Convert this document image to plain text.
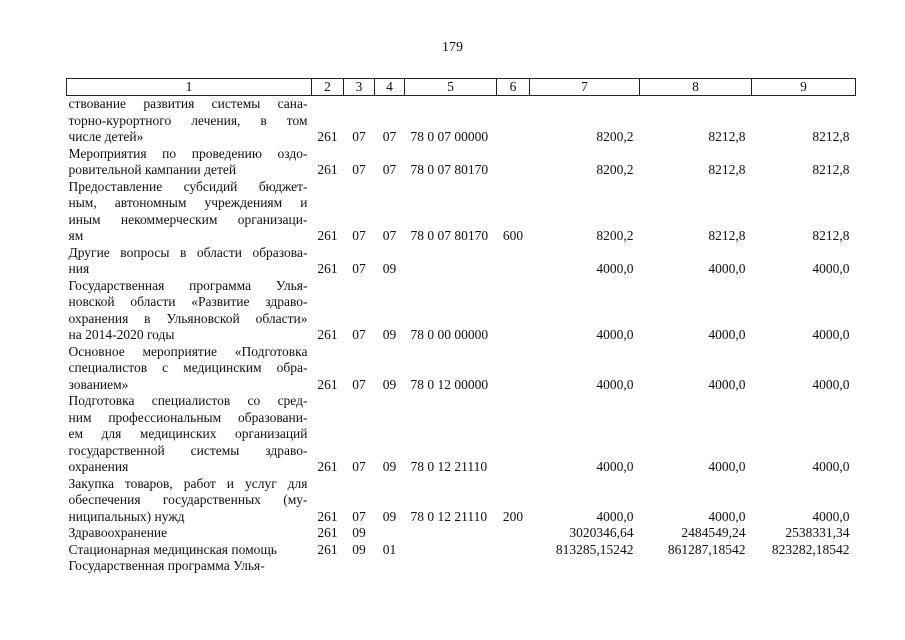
179
1	2	3	4	5	6	7	8	9

ствование развития системы сана-
торно-курортного лечения, в том
числе детей»	261	07	07	78 0 07 00000		8200,2	8212,8	8212,8

Мероприятия по проведению оздо-
ровительной кампании детей	261	07	07	78 0 07 80170		8200,2	8212,8	8212,8

Предоставление субсидий бюджет-
ным, автономным учреждениям и
иным некоммерческим организаци-
ям	261	07	07	78 0 07 80170	600	8200,2	8212,8	8212,8

Другие вопросы в области образова-
ния	261	07	09			4000,0	4000,0	4000,0

Государственная программа Улья-
новской области «Развитие здраво-
охранения в Ульяновской области»
на 2014-2020 годы	261	07	09	78 0 00 00000		4000,0	4000,0	4000,0

Основное мероприятие «Подготовка
специалистов с медицинским обра-
зованием»	261	07	09	78 0 12 00000		4000,0	4000,0	4000,0

Подготовка специалистов со сред-
ним профессиональным образовани-
ем для медицинских организаций
государственной системы здраво-
охранения	261	07	09	78 0 12 21110		4000,0	4000,0	4000,0

Закупка товаров, работ и услуг для
обеспечения государственных (му-
ниципальных) нужд	261	07	09	78 0 12 21110	200	4000,0	4000,0	4000,0

Здравоохранение	261	09				3020346,64	2484549,24	2538331,34

Стационарная медицинская помощь	261	09	01			813285,15242	861287,18542	823282,18542

Государственная программа Улья-								
